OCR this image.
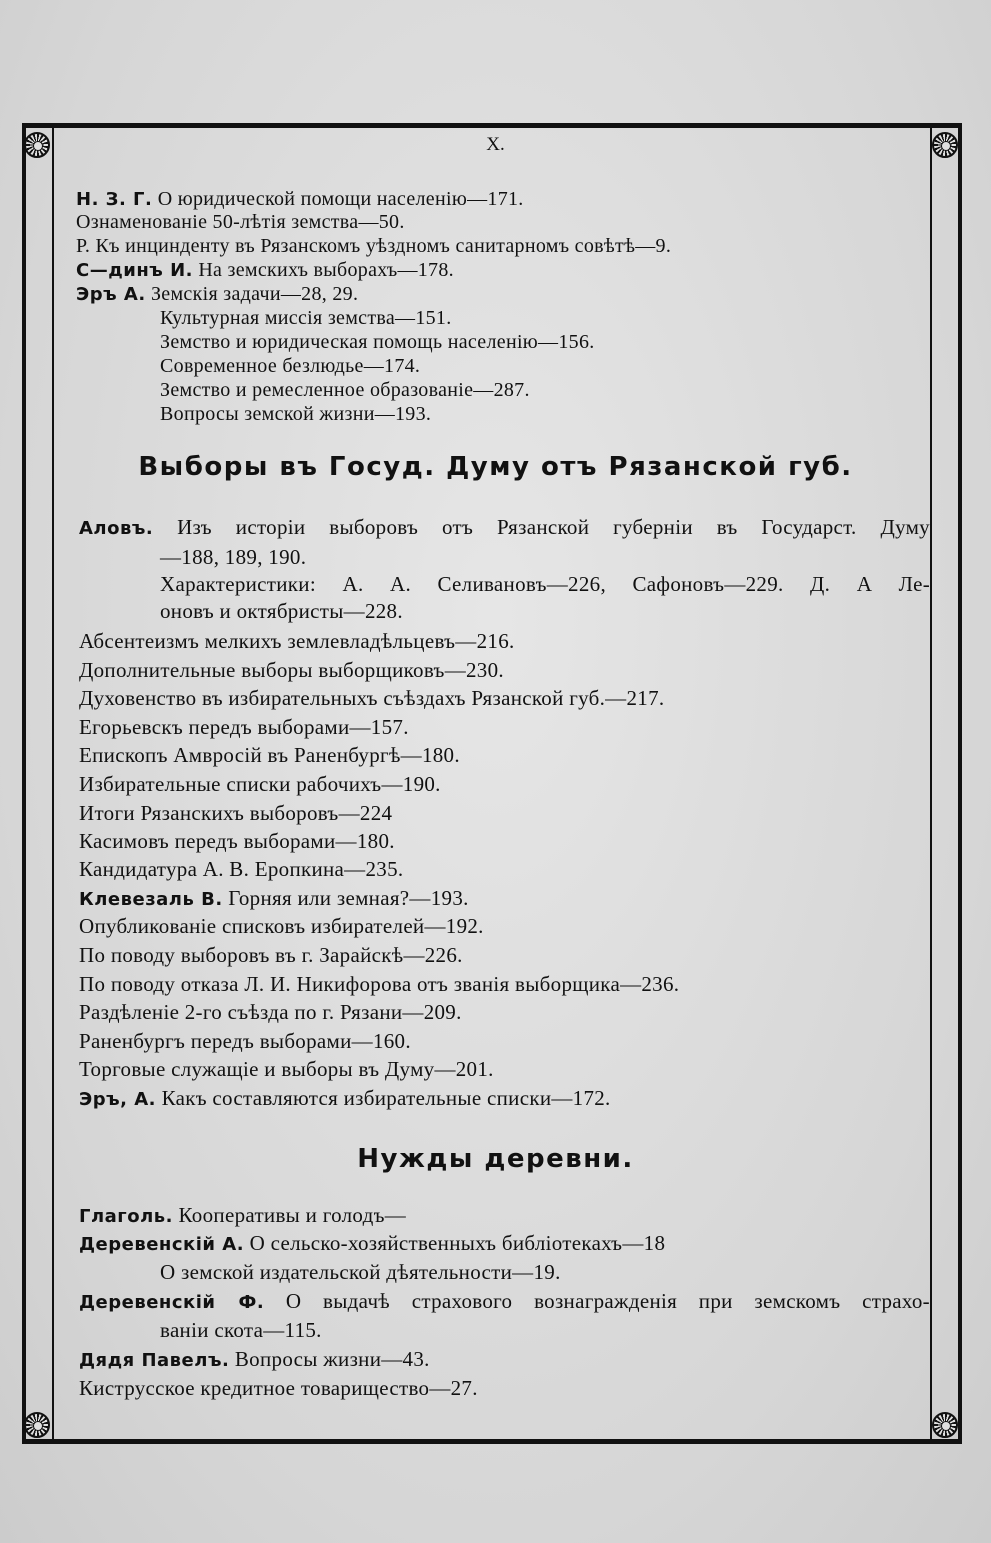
X.
Н. З. Г. О юридической помощи населенію—171.
Ознаменованіе 50-лѣтія земства—50.
Р. Къ инцинденту въ Рязанскомъ уѣздномъ санитарномъ совѣтѣ—9.
С—динъ И. На земскихъ выборахъ—178.
Эръ А. Земскія задачи—28, 29.
Культурная миссія земства—151.
Земство и юридическая помощь населенію—156.
Современное безлюдье—174.
Земство и ремесленное образованіе—287.
Вопросы земской жизни—193.
Выборы въ Госуд. Думу отъ Рязанской губ.
Аловъ. Изъ исторіи выборовъ отъ Рязанской губерніи въ Государст. Думу
—188, 189, 190.
Характеристики: А. А. Селивановъ—226, Сафоновъ—229. Д. А Ле-
оновъ и октябристы—228.
Абсентеизмъ мелкихъ землевладѣльцевъ—216.
Дополнительные выборы выборщиковъ—230.
Духовенство въ избирательныхъ съѣздахъ Рязанской губ.—217.
Егорьевскъ передъ выборами—157.
Епископъ Амвросій въ Раненбургѣ—180.
Избирательные списки рабочихъ—190.
Итоги Рязанскихъ выборовъ—224
Касимовъ передъ выборами—180.
Кандидатура А. В. Еропкина—235.
Клевезаль В. Горняя или земная?—193.
Опубликованіе списковъ избирателей—192.
По поводу выборовъ въ г. Зарайскѣ—226.
По поводу отказа Л. И. Никифорова отъ званія выборщика—236.
Раздѣленіе 2-го съѣзда по г. Рязани—209.
Раненбургъ передъ выборами—160.
Торговые служащіе и выборы въ Думу—201.
Эръ, А. Какъ составляются избирательные списки—172.
Нужды деревни.
Глаголь. Кооперативы и голодъ—
Деревенскій А. О сельско-хозяйственныхъ библіотекахъ—18
О земской издательской дѣятельности—19.
Деревенскій Ф. О выдачѣ страхового вознагражденія при земскомъ страхо-
ваніи скота—115.
Дядя Павелъ. Вопросы жизни—43.
Киструсское кредитное товарищество—27.
